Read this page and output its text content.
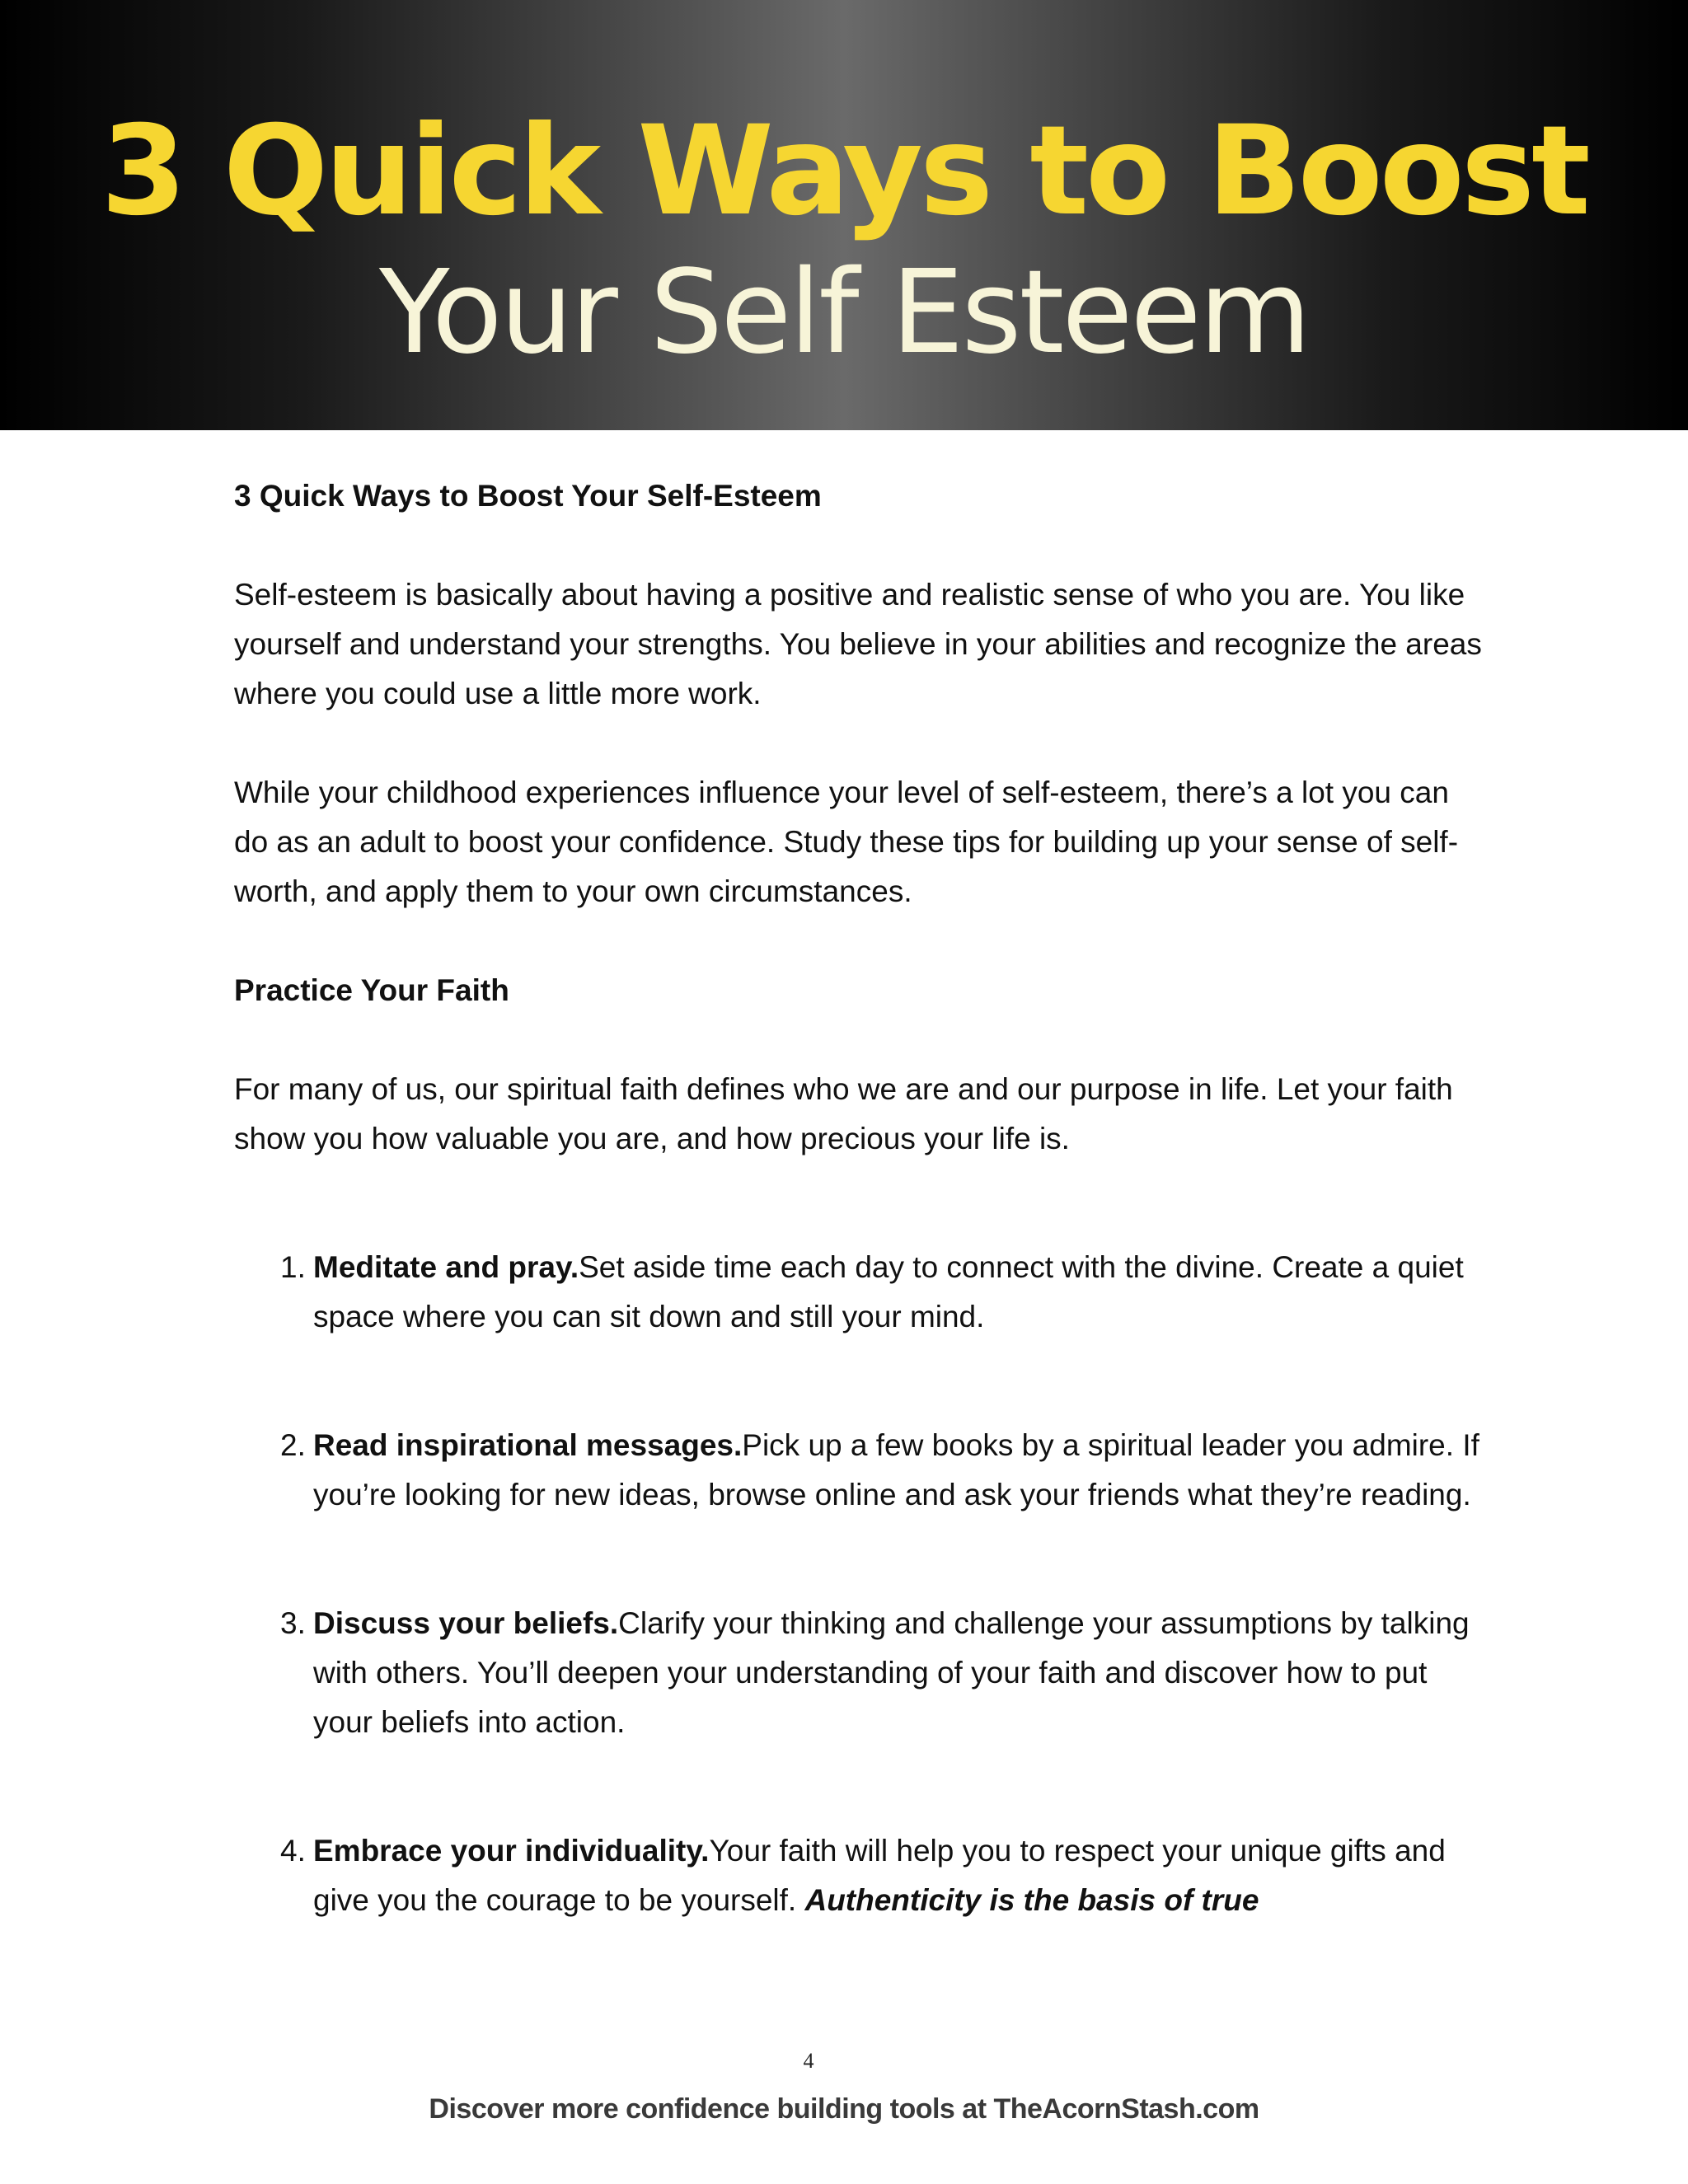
3 Quick Ways to Boost
Your Self Esteem

3 Quick Ways to Boost Your Self-Esteem

Self-esteem is basically about having a positive and realistic sense of who you are. You like yourself and understand your strengths. You believe in your abilities and recognize the areas where you could use a little more work.

While your childhood experiences influence your level of self-esteem, there’s a lot you can do as an adult to boost your confidence. Study these tips for building up your sense of self-worth, and apply them to your own circumstances.

Practice Your Faith

For many of us, our spiritual faith defines who we are and our purpose in life. Let your faith show you how valuable you are, and how precious your life is.

1. Meditate and pray.Set aside time each day to connect with the divine. Create a quiet space where you can sit down and still your mind.
2. Read inspirational messages.Pick up a few books by a spiritual leader you admire. If you’re looking for new ideas, browse online and ask your friends what they’re reading.
3. Discuss your beliefs.Clarify your thinking and challenge your assumptions by talking with others. You’ll deepen your understanding of your faith and discover how to put your beliefs into action.
4. Embrace your individuality.Your faith will help you to respect your unique gifts and give you the courage to be yourself. Authenticity is the basis of true
4
Discover more confidence building tools at TheAcornStash.com
